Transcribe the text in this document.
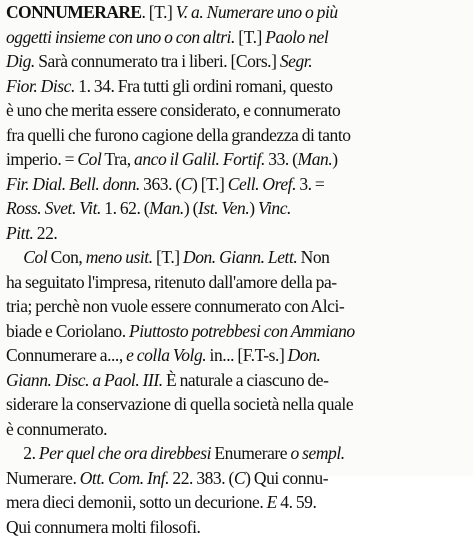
CONNUMERARE. [T.] V. a. Numerare uno o più
oggetti insieme con uno o con altri. [T.] Paolo nel
Dig. Sarà connumerato tra i liberi. [Cors.] Segr.
Fior. Disc. 1. 34. Fra tutti gli ordini romani, questo
è uno che merita essere considerato, e connumerato
fra quelli che furono cagione della grandezza di tanto
imperio. = Col Tra, anco il Galil. Fortif. 33. (Man.)
Fir. Dial. Bell. donn. 363. (C) [T.] Cell. Oref. 3. =
Ross. Svet. Vit. 1. 62. (Man.) (Ist. Ven.) Vinc.
Pitt. 22.
Col Con, meno usit. [T.] Don. Giann. Lett. Non
ha seguitato l'impresa, ritenuto dall'amore della pa-
tria; perchè non vuole essere connumerato con Alci-
biade e Coriolano. Piuttosto potrebbesi con Ammiano
Connumerare a..., e colla Volg. in... [F.T-s.] Don.
Giann. Disc. a Paol. III. È naturale a ciascuno de-
siderare la conservazione di quella società nella quale
è connumerato.
2. Per quel che ora direbbesi Enumerare o sempl.
Numerare. Ott. Com. Inf. 22. 383. (C) Qui connu-
mera dieci demonii, sotto un decurione. E 4. 59.
Qui connumera molti filosofi.
